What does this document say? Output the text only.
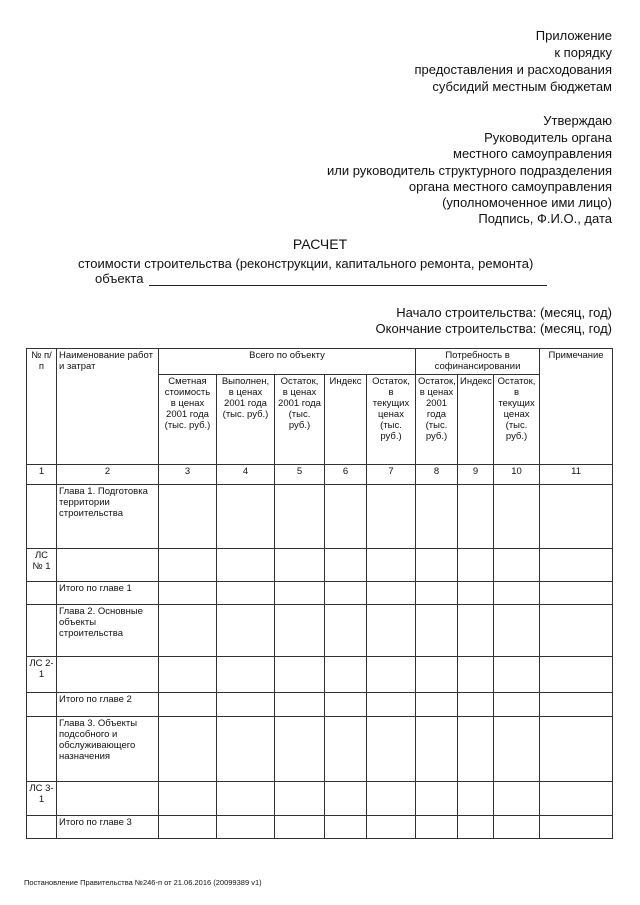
Приложение
к порядку
предоставления и расходования
субсидий местным бюджетам
Утверждаю
Руководитель органа
местного самоуправления
или руководитель структурного подразделения
органа местного самоуправления
(уполномоченное ими лицо)
Подпись, Ф.И.О., дата
РАСЧЕТ
стоимости строительства (реконструкции, капитального ремонта, ремонта)
объекта
Начало строительства: (месяц, год)
Окончание строительства: (месяц, год)
№ п/п	Наименование работ и затрат	Всего по объекту					Потребность в софинансировании			Примечание
		Сметная стоимость в ценах 2001 года (тыс. руб.)	Выполнен, в ценах 2001 года (тыс. руб.)	Остаток, в ценах 2001 года (тыс. руб.)	Индекс	Остаток, в текущих ценах (тыс. руб.)	Остаток, в ценах 2001 года (тыс. руб.)	Индекс	Остаток, в текущих ценах (тыс. руб.)	
1	2	3	4	5	6	7	8	9	10	11
	Глава 1. Подготовка территории строительства									
ЛС № 1										
	Итого по главе 1									
	Глава 2. Основные объекты строительства									
ЛС 2-1										
	Итого по главе 2									
	Глава 3. Объекты подсобного и обслуживающего назначения									
ЛС 3-1										
	Итого по главе 3									
Постановление Правительства №246-п от 21.06.2016 (20099389 v1)
